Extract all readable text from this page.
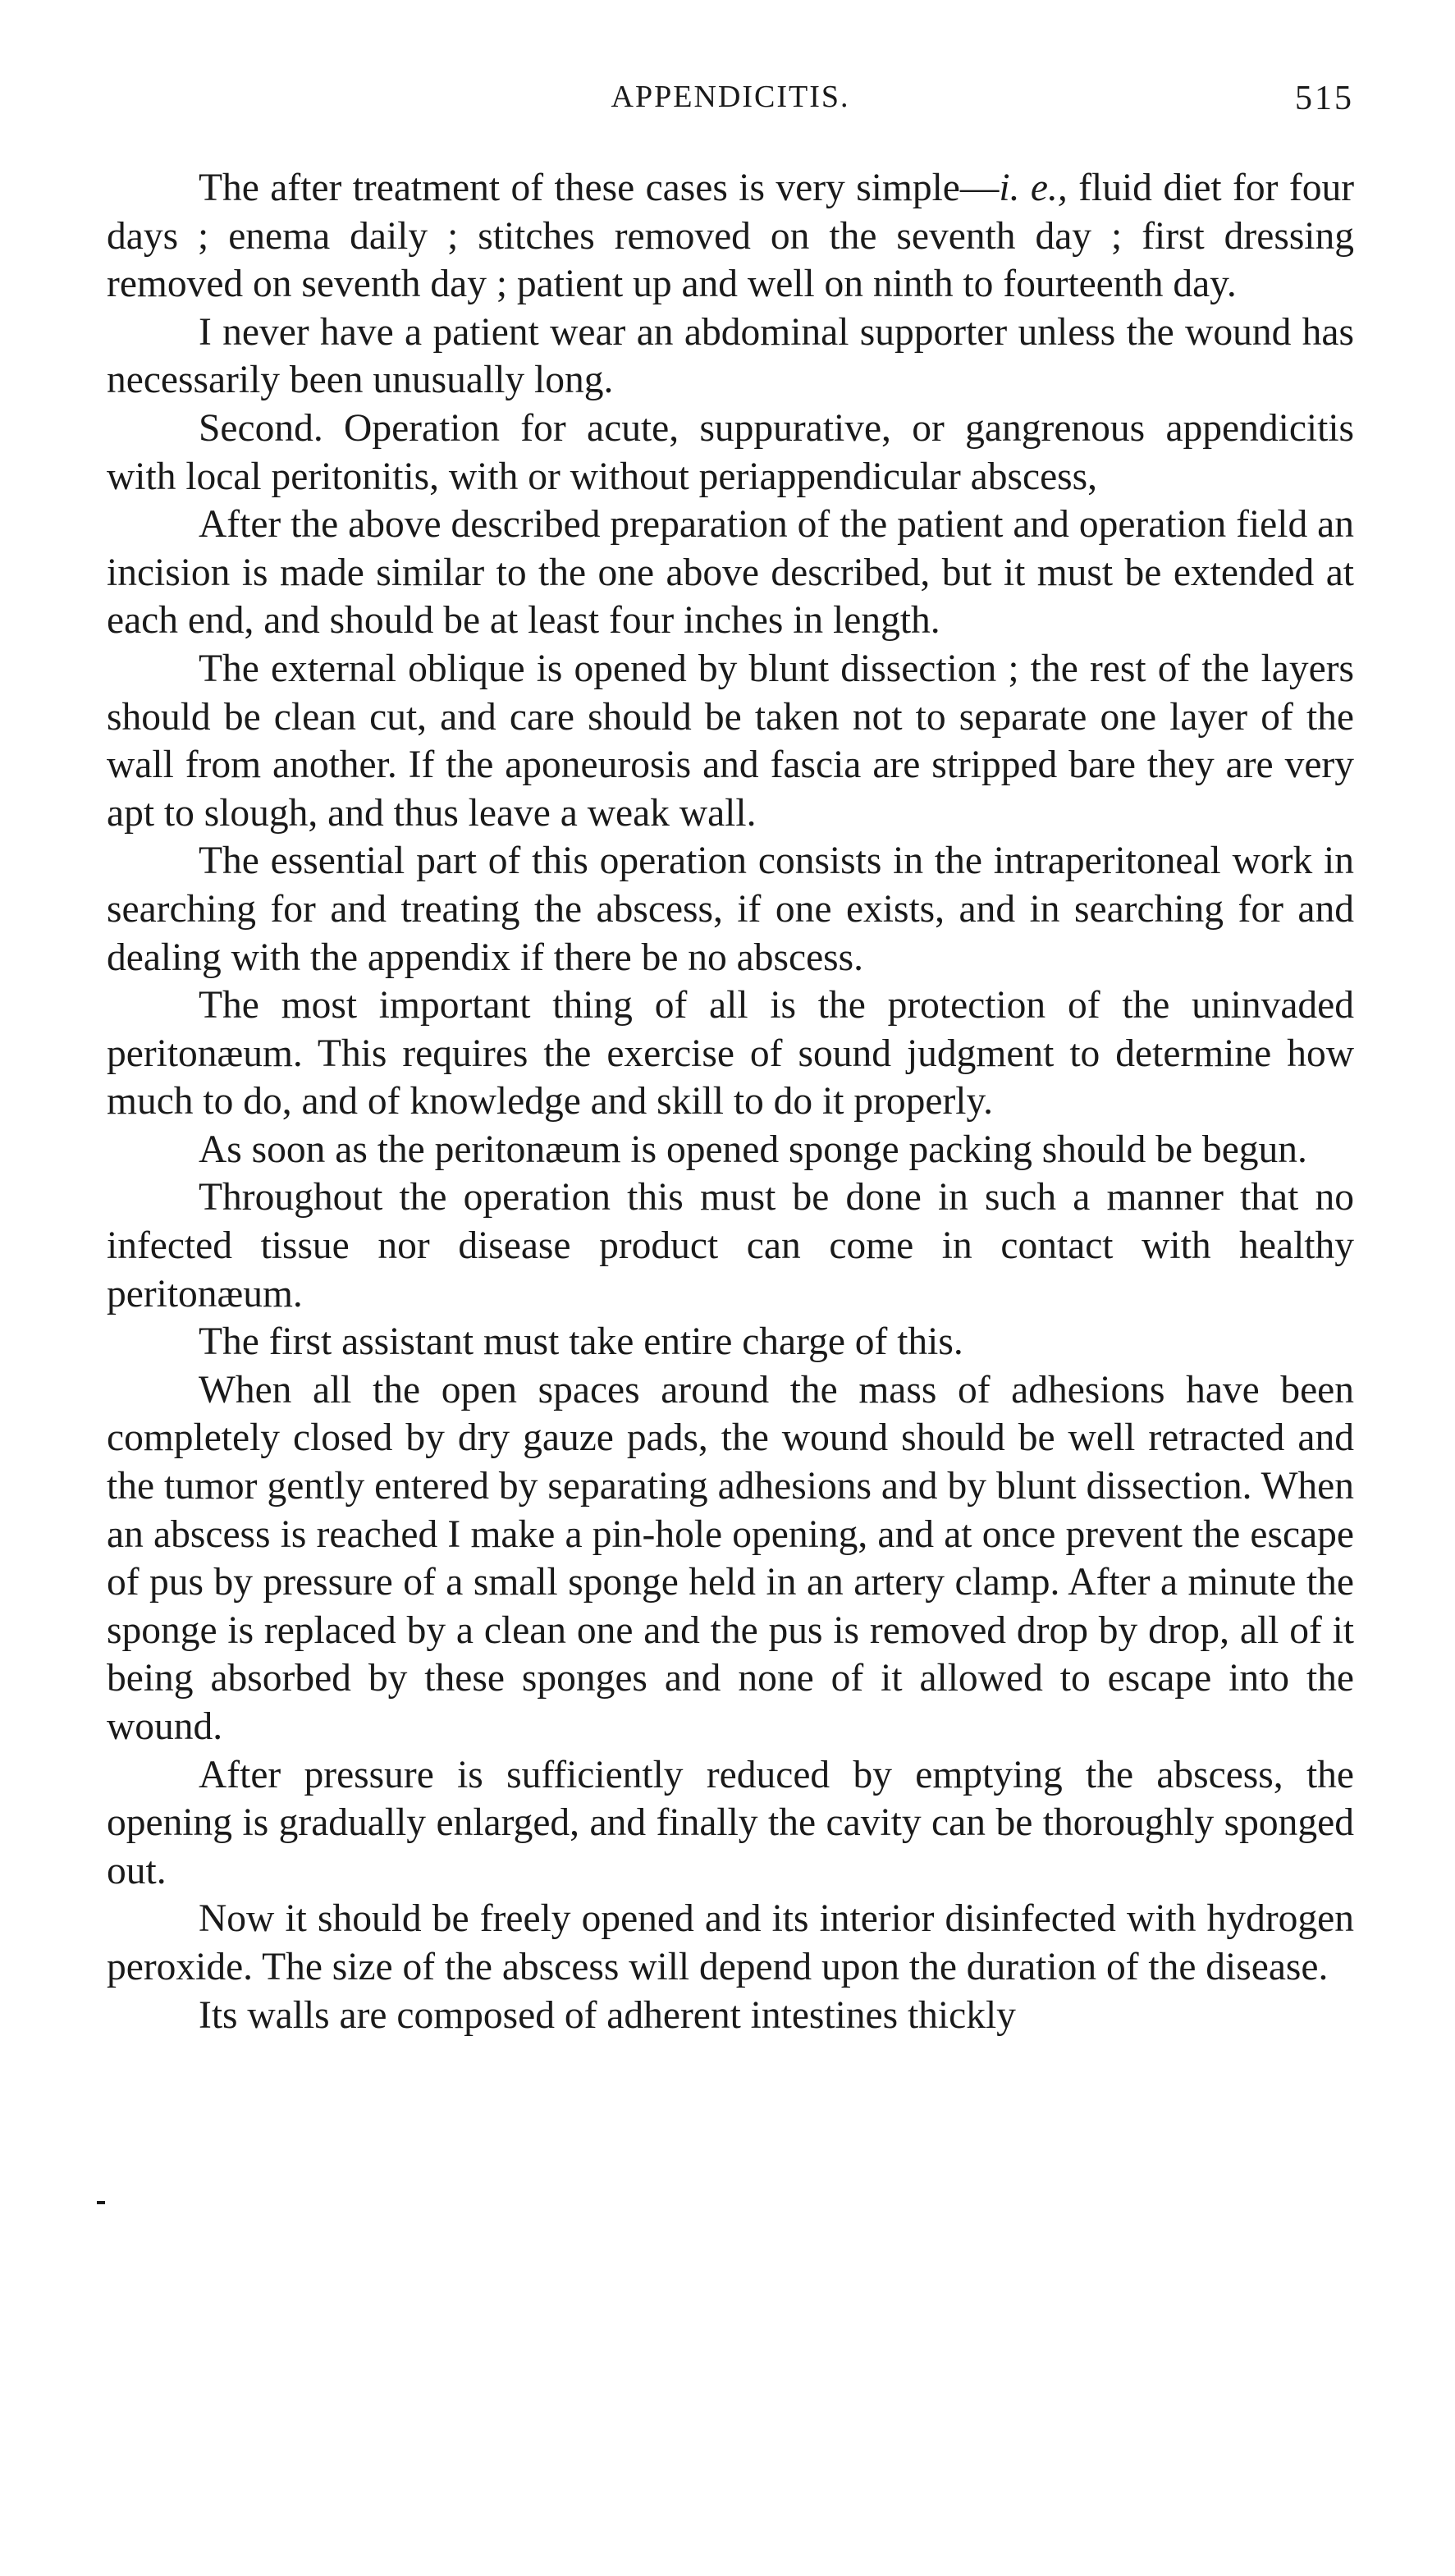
APPENDICITIS.	515

The after treatment of these cases is very simple—i. e., fluid diet for four days ; enema daily ; stitches removed on the seventh day ; first dressing removed on seventh day ; patient up and well on ninth to fourteenth day.

I never have a patient wear an abdominal supporter unless the wound has necessarily been unusually long.

Second. Operation for acute, suppurative, or gangrenous appendicitis with local peritonitis, with or without periappendicular abscess,

After the above described preparation of the patient and operation field an incision is made similar to the one above described, but it must be extended at each end, and should be at least four inches in length.

The external oblique is opened by blunt dissection ; the rest of the layers should be clean cut, and care should be taken not to separate one layer of the wall from another. If the aponeurosis and fascia are stripped bare they are very apt to slough, and thus leave a weak wall.

The essential part of this operation consists in the intraperitoneal work in searching for and treating the abscess, if one exists, and in searching for and dealing with the appendix if there be no abscess.

The most important thing of all is the protection of the uninvaded peritonæum. This requires the exercise of sound judgment to determine how much to do, and of knowledge and skill to do it properly.

As soon as the peritonæum is opened sponge packing should be begun.

Throughout the operation this must be done in such a manner that no infected tissue nor disease product can come in contact with healthy peritonæum.

The first assistant must take entire charge of this.

When all the open spaces around the mass of adhesions have been completely closed by dry gauze pads, the wound should be well retracted and the tumor gently entered by separating adhesions and by blunt dissection. When an abscess is reached I make a pin-hole opening, and at once prevent the escape of pus by pressure of a small sponge held in an artery clamp. After a minute the sponge is replaced by a clean one and the pus is removed drop by drop, all of it being absorbed by these sponges and none of it allowed to escape into the wound.

After pressure is sufficiently reduced by emptying the abscess, the opening is gradually enlarged, and finally the cavity can be thoroughly sponged out.

Now it should be freely opened and its interior disinfected with hydrogen peroxide. The size of the abscess will depend upon the duration of the disease.

Its walls are composed of adherent intestines thickly
